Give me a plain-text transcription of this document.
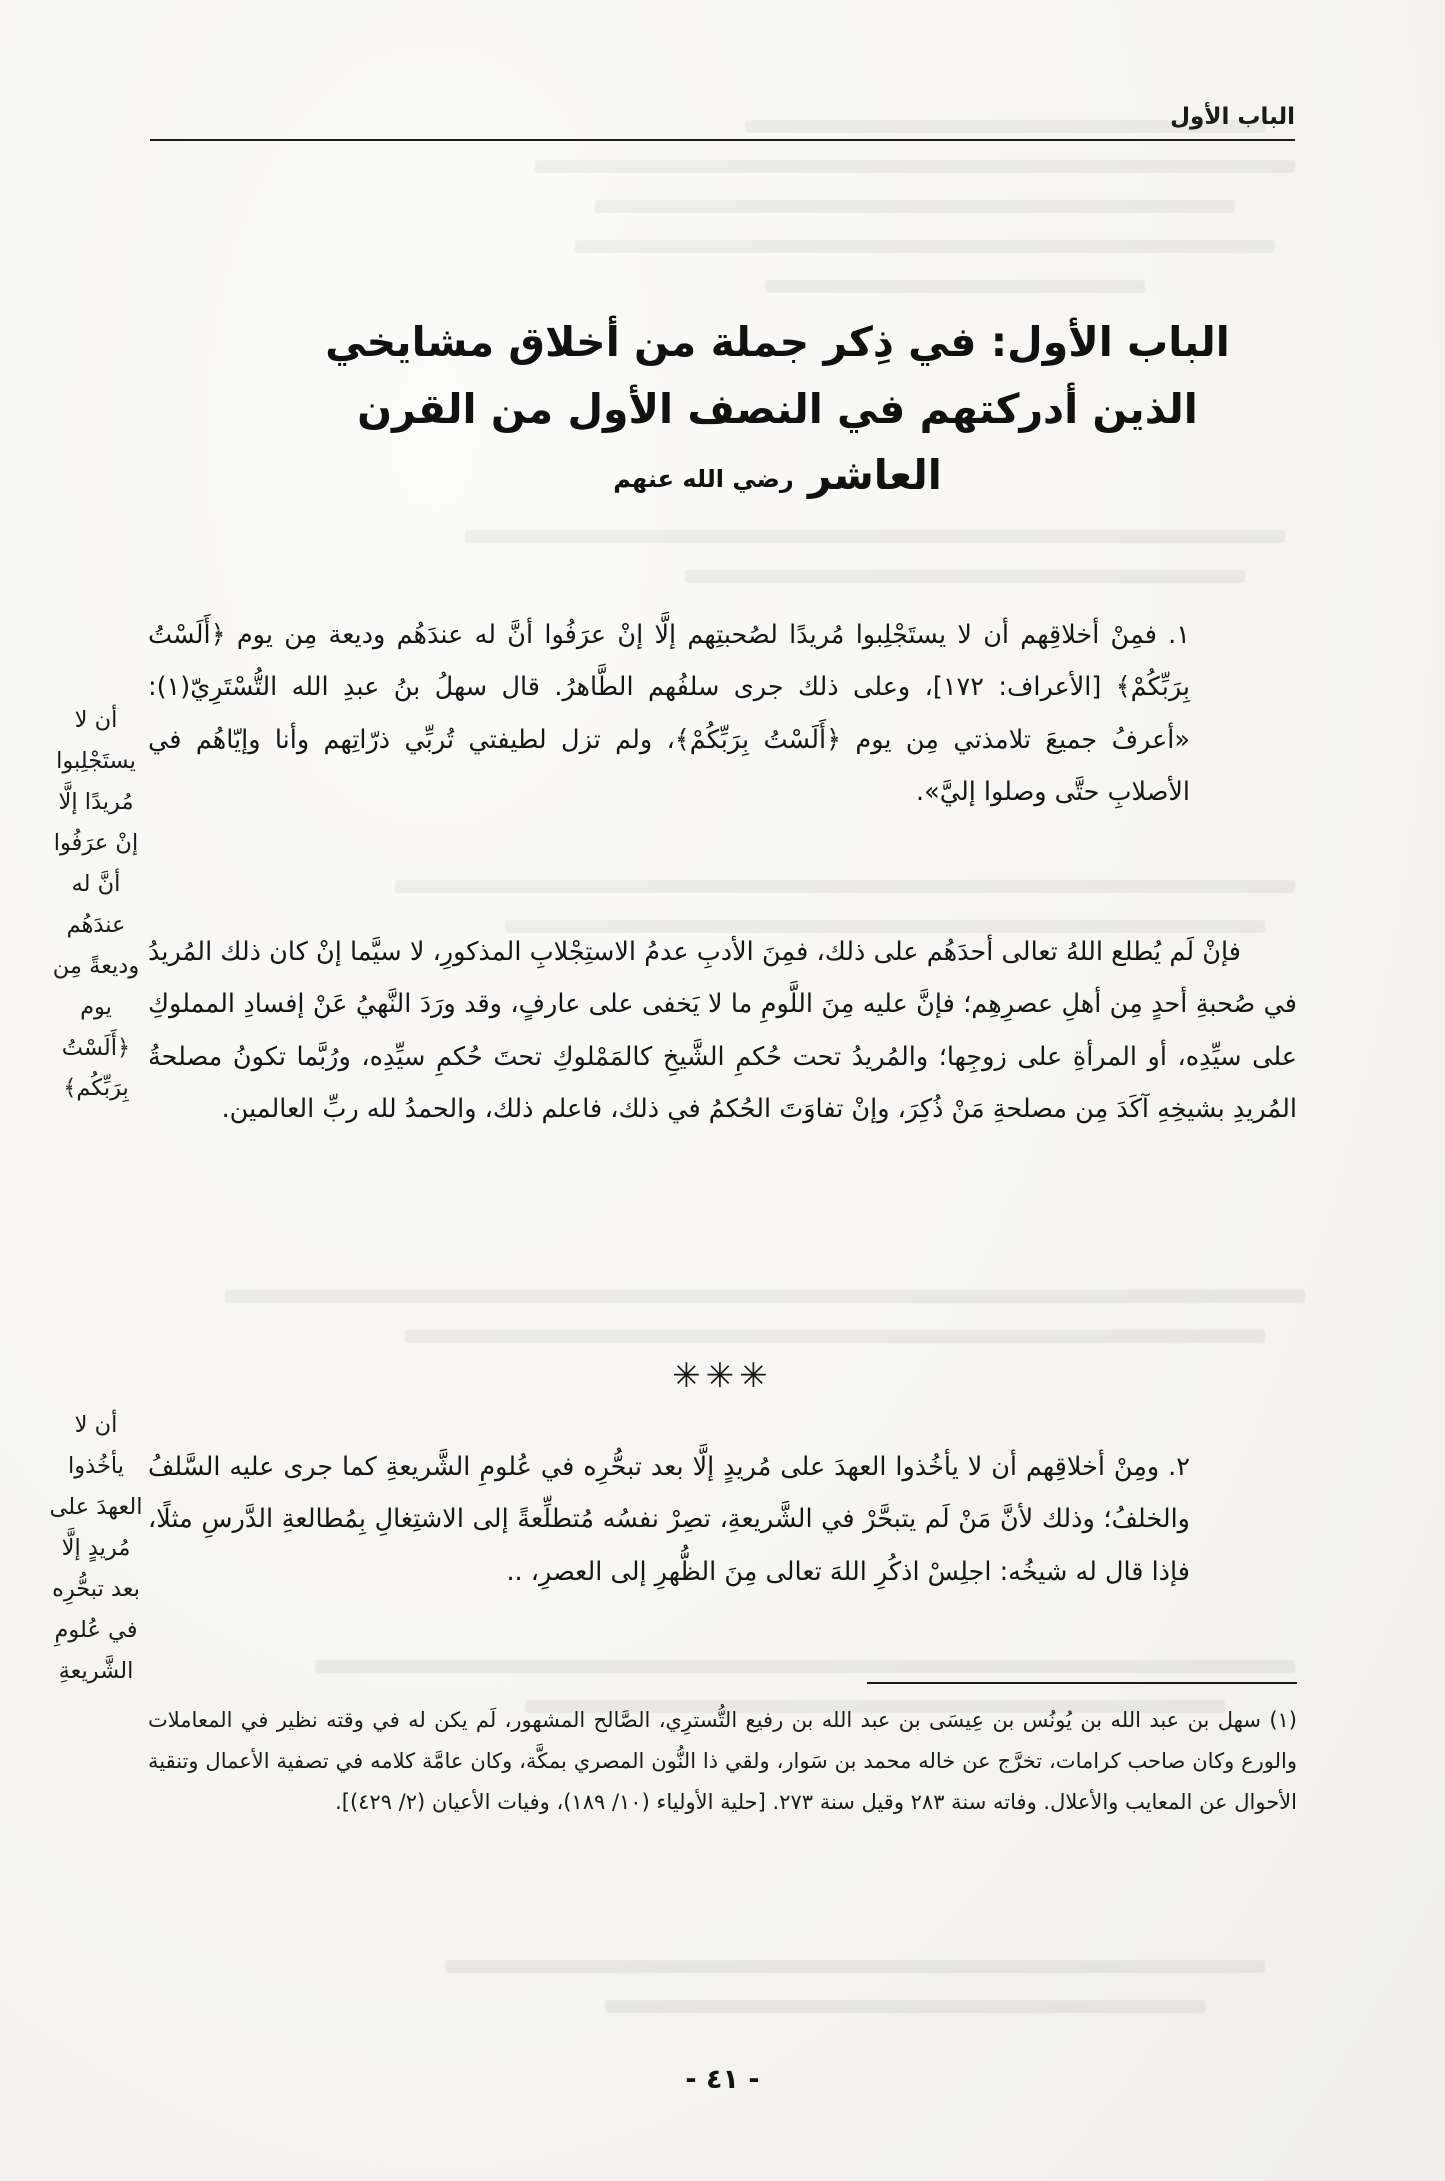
الباب الأول
الباب الأول: في ذِكر جملة من أخلاق مشايخي
الذين أدركتهم في النصف الأول من القرن العاشر رضي الله عنهم

١. فمِنْ أخلاقِهم أن لا يستَجْلِبوا مُريدًا لصُحبتِهم إلَّا إنْ عرَفُوا أنَّ له عندَهُم وديعة مِن يوم ﴿أَلَسْتُ بِرَبِّكُمْ﴾ [الأعراف: ١٧٢]، وعلى ذلك جرى سلفُهم الطَّاهرُ. قال سهلُ بنُ عبدِ الله التُّسْتَرِيّ(١): «أعرفُ جميعَ تلامذتي مِن يوم ﴿أَلَسْتُ بِرَبِّكُمْ﴾، ولم تزل لطيفتي تُربِّي ذرّاتِهم وأنا وإيّاهُم في الأصلابِ حتَّى وصلوا إليَّ».

فإنْ لَم يُطلع اللهُ تعالى أحدَهُم على ذلك، فمِنَ الأدبِ عدمُ الاستِجْلابِ المذكورِ، لا سيَّما إنْ كان ذلك المُريدُ في صُحبةِ أحدٍ مِن أهلِ عصرِهِم؛ فإنَّ عليه مِنَ اللَّومِ ما لا يَخفى على عارفٍ، وقد ورَدَ النَّهيُ عَنْ إفسادِ المملوكِ على سيِّدِه، أو المرأةِ على زوجِها؛ والمُريدُ تحت حُكمِ الشَّيخِ كالمَمْلوكِ تحتَ حُكمِ سيِّدِه، ورُبَّما تكونُ مصلحةُ المُريدِ بشيخِهِ آكَدَ مِن مصلحةِ مَنْ ذُكِرَ، وإنْ تفاوَتَ الحُكمُ في ذلك، فاعلم ذلك، والحمدُ لله ربِّ العالمين.

✳✳✳

٢. ومِنْ أخلاقِهم أن لا يأخُذوا العهدَ على مُريدٍ إلَّا بعد تبحُّرِه في عُلومِ الشَّريعةِ كما جرى عليه السَّلفُ والخلفُ؛ وذلك لأنَّ مَنْ لَم يتبحَّرْ في الشَّريعةِ، تصِرْ نفسُه مُتطلِّعةً إلى الاشتِغالِ بِمُطالعةِ الدَّرسِ مثلًا، فإذا قال له شيخُه: اجلِسْ اذكُرِ اللهَ تعالى مِنَ الظُّهرِ إلى العصرِ، ..

أن لا يستَجْلِبوا مُريدًا إلَّا إنْ عرَفُوا أنَّ له عندَهُم وديعةً مِن يوم ﴿أَلَسْتُ بِرَبِّكُم﴾
أن لا يأخُذوا العهدَ على مُريدٍ إلَّا بعد تبحُّرِه في عُلومِ الشَّريعةِ
(١) سهل بن عبد الله بن يُونُس بن عِيسَى بن عبد الله بن رفيع التُّسترِي، الصَّالح المشهور، لَم يكن له في وقته نظير في المعاملات والورع وكان صاحب كرامات، تخرَّج عن خاله محمد بن سَوار، ولقي ذا النُّون المصري بمكَّة، وكان عامَّة كلامه في تصفية الأعمال وتنقية الأحوال عن المعايب والأعلال. وفاته سنة ٢٨٣ وقيل سنة ٢٧٣. [حلية الأولياء (١٠/ ١٨٩)، وفيات الأعيان (٢/ ٤٢٩)].
- ٤١ -
